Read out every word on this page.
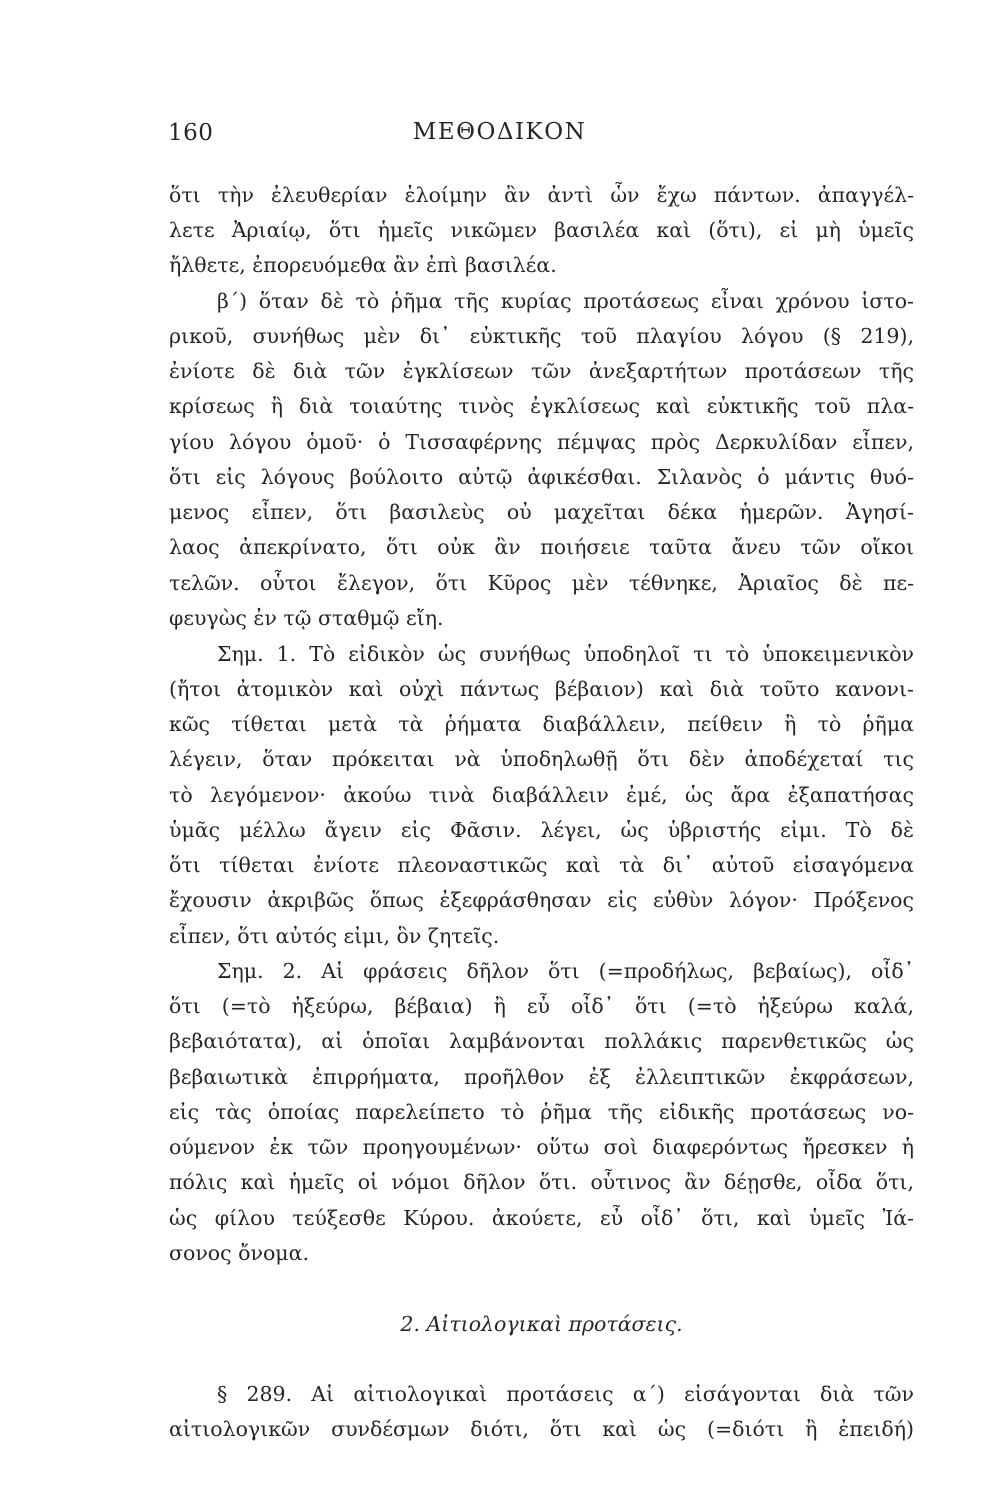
160	ΜΕΘΟΔΙΚΟΝ
ὅτι τὴν ἐλευθερίαν ἑλοίμην ἂν ἀντὶ ὧν ἔχω πάντων. ἀπαγγέλ-
λετε Ἀριαίῳ, ὅτι ἡμεῖς νικῶμεν βασιλέα καὶ (ὅτι), εἰ μὴ ὑμεῖς
ἤλθετε, ἐπορευόμεθα ἂν ἐπὶ βασιλέα.
β΄) ὅταν δὲ τὸ ῥῆμα τῆς κυρίας προτάσεως εἶναι χρόνου ἱστο-
ρικοῦ, συνήθως μὲν δι᾽ εὐκτικῆς τοῦ πλαγίου λόγου (§ 219),
ἐνίοτε δὲ διὰ τῶν ἐγκλίσεων τῶν ἀνεξαρτήτων προτάσεων τῆς
κρίσεως ἢ διὰ τοιαύτης τινὸς ἐγκλίσεως καὶ εὐκτικῆς τοῦ πλα-
γίου λόγου ὁμοῦ· ὁ Τισσαφέρνης πέμψας πρὸς Δερκυλίδαν εἶπεν,
ὅτι εἰς λόγους βούλοιτο αὐτῷ ἀφικέσθαι. Σιλανὸς ὁ μάντις θυό-
μενος εἶπεν, ὅτι βασιλεὺς οὐ μαχεῖται δέκα ἡμερῶν. Ἀγησί-
λαος ἀπεκρίνατο, ὅτι οὐκ ἂν ποιήσειε ταῦτα ἄνευ τῶν οἴκοι
τελῶν. οὗτοι ἔλεγον, ὅτι Κῦρος μὲν τέθνηκε, Ἀριαῖος δὲ πε-
φευγὼς ἐν τῷ σταθμῷ εἴη.
Σημ. 1. Τὸ εἰδικὸν ὡς συνήθως ὑποδηλοῖ τι τὸ ὑποκειμενικὸν
(ἤτοι ἀτομικὸν καὶ οὐχὶ πάντως βέβαιον) καὶ διὰ τοῦτο κανονι-
κῶς τίθεται μετὰ τὰ ῥήματα διαβάλλειν, πείθειν ἢ τὸ ῥῆμα
λέγειν, ὅταν πρόκειται νὰ ὑποδηλωθῇ ὅτι δὲν ἀποδέχεταί τις
τὸ λεγόμενον· ἀκούω τινὰ διαβάλλειν ἐμέ, ὡς ἄρα ἐξαπατήσας
ὑμᾶς μέλλω ἄγειν εἰς Φᾶσιν. λέγει, ὡς ὑβριστής εἰμι. Τὸ δὲ
ὅτι τίθεται ἐνίοτε πλεοναστικῶς καὶ τὰ δι᾽ αὐτοῦ εἰσαγόμενα
ἔχουσιν ἀκριβῶς ὅπως ἐξεφράσθησαν εἰς εὐθὺν λόγον· Πρόξενος
εἶπεν, ὅτι αὐτός εἰμι, ὃν ζητεῖς.
Σημ. 2. Αἱ φράσεις δῆλον ὅτι (=προδήλως, βεβαίως), οἶδ᾽
ὅτι (=τὸ ἠξεύρω, βέβαια) ἢ εὖ οἶδ᾽ ὅτι (=τὸ ἠξεύρω καλά,
βεβαιότατα), αἱ ὁποῖαι λαμβάνονται πολλάκις παρενθετικῶς ὡς
βεβαιωτικὰ ἐπιρρήματα, προῆλθον ἐξ ἐλλειπτικῶν ἐκφράσεων,
εἰς τὰς ὁποίας παρελείπετο τὸ ῥῆμα τῆς εἰδικῆς προτάσεως νο-
ούμενον ἐκ τῶν προηγουμένων· οὕτω σοὶ διαφερόντως ἤρεσκεν ἡ
πόλις καὶ ἡμεῖς οἱ νόμοι δῆλον ὅτι. οὗτινος ἂν δέῃσθε, οἶδα ὅτι,
ὡς φίλου τεύξεσθε Κύρου. ἀκούετε, εὖ οἶδ᾽ ὅτι, καὶ ὑμεῖς Ἰά-
σονος ὄνομα.
2. Αἰτιολογικαὶ προτάσεις.
§ 289. Αἱ αἰτιολογικαὶ προτάσεις α΄) εἰσάγονται διὰ τῶν
αἰτιολογικῶν συνδέσμων διότι, ὅτι καὶ ὡς (=διότι ἢ ἐπειδή)
